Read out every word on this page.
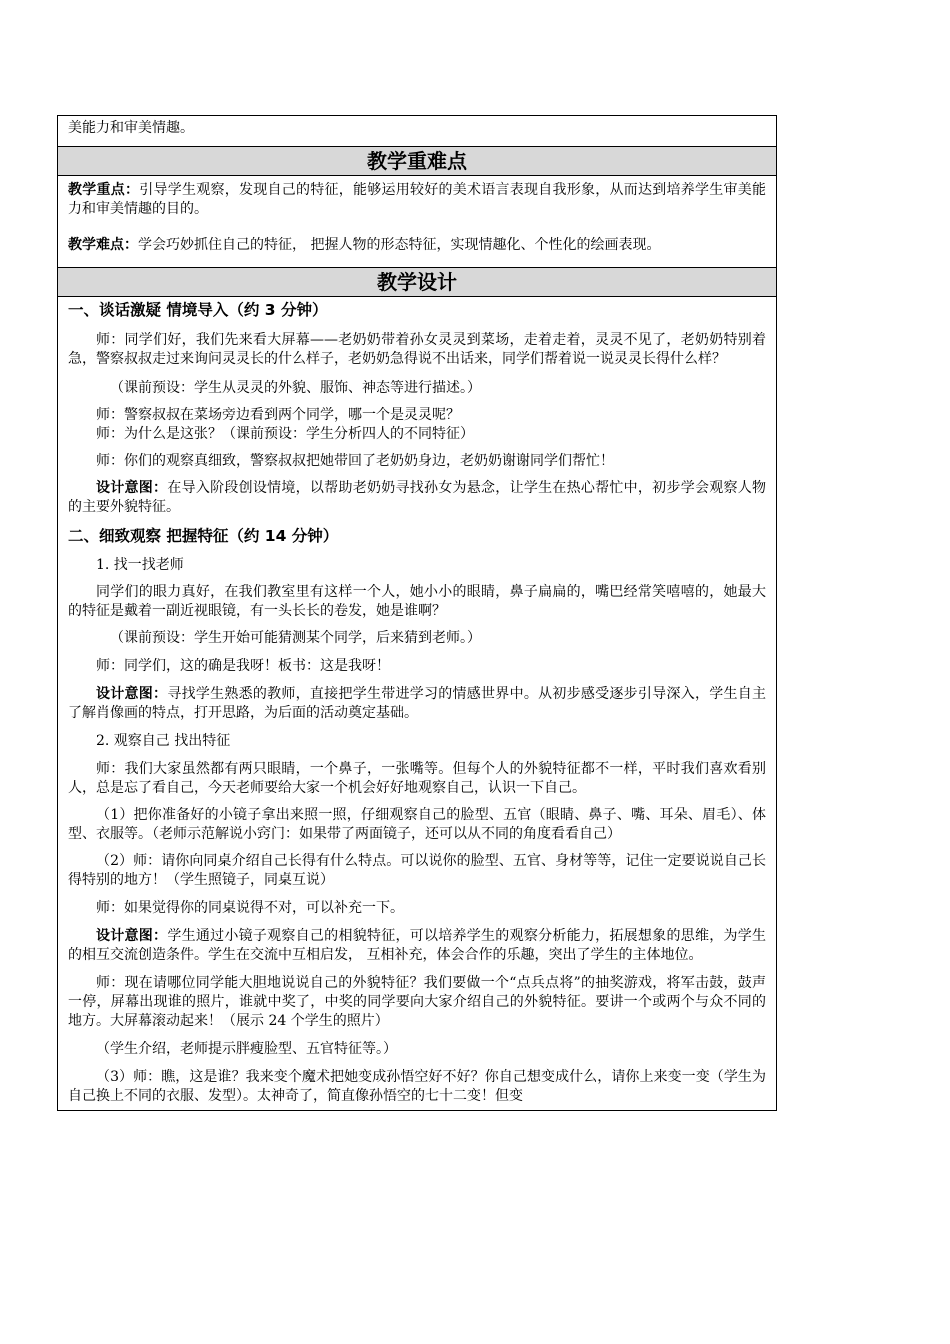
美能力和审美情趣。

教学重难点

教学重点：引导学生观察，发现自己的特征，能够运用较好的美术语言表现自我形象，从而达到培养学生审美能力和审美情趣的目的。

教学难点：学会巧妙抓住自己的特征， 把握人物的形态特征，实现情趣化、个性化的绘画表现。

教学设计

一、谈话激疑 情境导入（约 3 分钟）

师：同学们好，我们先来看大屏幕——老奶奶带着孙女灵灵到菜场，走着走着，灵灵不见了，老奶奶特别着急，警察叔叔走过来询问灵灵长的什么样子，老奶奶急得说不出话来，同学们帮着说一说灵灵长得什么样？

（课前预设：学生从灵灵的外貌、服饰、神态等进行描述。）

师：警察叔叔在菜场旁边看到两个同学，哪一个是灵灵呢？

师：为什么是这张？（课前预设：学生分析四人的不同特征）

师：你们的观察真细致，警察叔叔把她带回了老奶奶身边，老奶奶谢谢同学们帮忙！

设计意图：在导入阶段创设情境，以帮助老奶奶寻找孙女为悬念，让学生在热心帮忙中，初步学会观察人物的主要外貌特征。

二、细致观察 把握特征（约 14 分钟）

1. 找一找老师

同学们的眼力真好，在我们教室里有这样一个人，她小小的眼睛，鼻子扁扁的，嘴巴经常笑嘻嘻的，她最大的特征是戴着一副近视眼镜，有一头长长的卷发，她是谁啊？

（课前预设：学生开始可能猜测某个同学，后来猜到老师。）

师：同学们，这的确是我呀！板书：这是我呀！

设计意图：寻找学生熟悉的教师，直接把学生带进学习的情感世界中。从初步感受逐步引导深入，学生自主了解肖像画的特点，打开思路，为后面的活动奠定基础。

2. 观察自己 找出特征

师：我们大家虽然都有两只眼睛，一个鼻子，一张嘴等。但每个人的外貌特征都不一样，平时我们喜欢看别人，总是忘了看自己，今天老师要给大家一个机会好好地观察自己，认识一下自己。

（1）把你准备好的小镜子拿出来照一照，仔细观察自己的脸型、五官（眼睛、鼻子、嘴、耳朵、眉毛）、体型、衣服等。（老师示范解说小窍门：如果带了两面镜子，还可以从不同的角度看看自己）

（2）师：请你向同桌介绍自己长得有什么特点。可以说你的脸型、五官、身材等等，记住一定要说说自己长得特别的地方！（学生照镜子，同桌互说）

师：如果觉得你的同桌说得不对，可以补充一下。

设计意图：学生通过小镜子观察自己的相貌特征，可以培养学生的观察分析能力，拓展想象的思维，为学生的相互交流创造条件。学生在交流中互相启发， 互相补充，体会合作的乐趣，突出了学生的主体地位。

师：现在请哪位同学能大胆地说说自己的外貌特征？我们要做一个“点兵点将”的抽奖游戏，将军击鼓，鼓声一停，屏幕出现谁的照片，谁就中奖了，中奖的同学要向大家介绍自己的外貌特征。要讲一个或两个与众不同的地方。大屏幕滚动起来！（展示 24 个学生的照片）

（学生介绍，老师提示胖瘦脸型、五官特征等。）

（3）师：瞧，这是谁？我来变个魔术把她变成孙悟空好不好？你自己想变成什么，请你上来变一变（学生为自己换上不同的衣服、发型）。太神奇了，简直像孙悟空的七十二变！但变
